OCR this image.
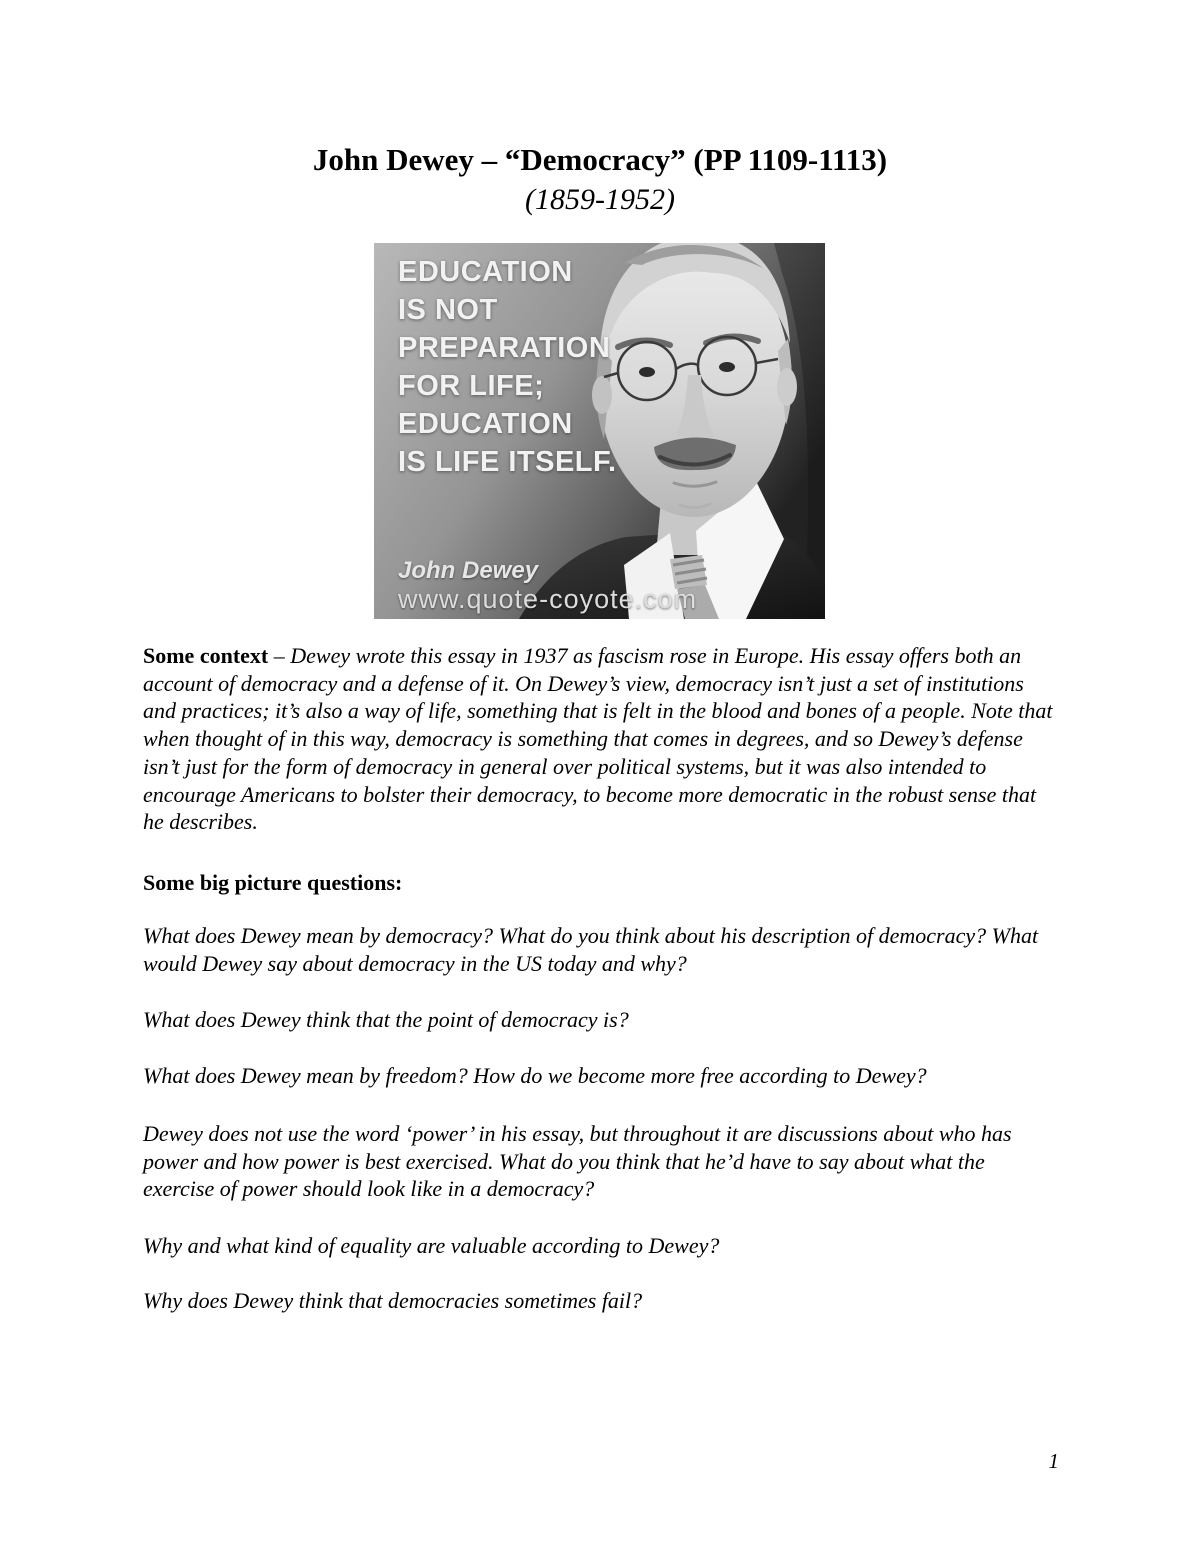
John Dewey – “Democracy” (PP 1109-1113)
(1859-1952)
EDUCATION
IS NOT
PREPARATION
FOR LIFE;
EDUCATION
IS LIFE ITSELF.
John Dewey
www.quote-coyote.com

Some context – Dewey wrote this essay in 1937 as fascism rose in Europe. His essay offers both an account of democracy and a defense of it. On Dewey’s view, democracy isn’t just a set of institutions and practices; it’s also a way of life, something that is felt in the blood and bones of a people. Note that when thought of in this way, democracy is something that comes in degrees, and so Dewey’s defense isn’t just for the form of democracy in general over political systems, but it was also intended to encourage Americans to bolster their democracy, to become more democratic in the robust sense that he describes.

Some big picture questions:

What does Dewey mean by democracy? What do you think about his description of democracy? What would Dewey say about democracy in the US today and why?

What does Dewey think that the point of democracy is?

What does Dewey mean by freedom? How do we become more free according to Dewey?

Dewey does not use the word ‘power’ in his essay, but throughout it are discussions about who has power and how power is best exercised. What do you think that he’d have to say about what the exercise of power should look like in a democracy?

Why and what kind of equality are valuable according to Dewey?

Why does Dewey think that democracies sometimes fail?

1
